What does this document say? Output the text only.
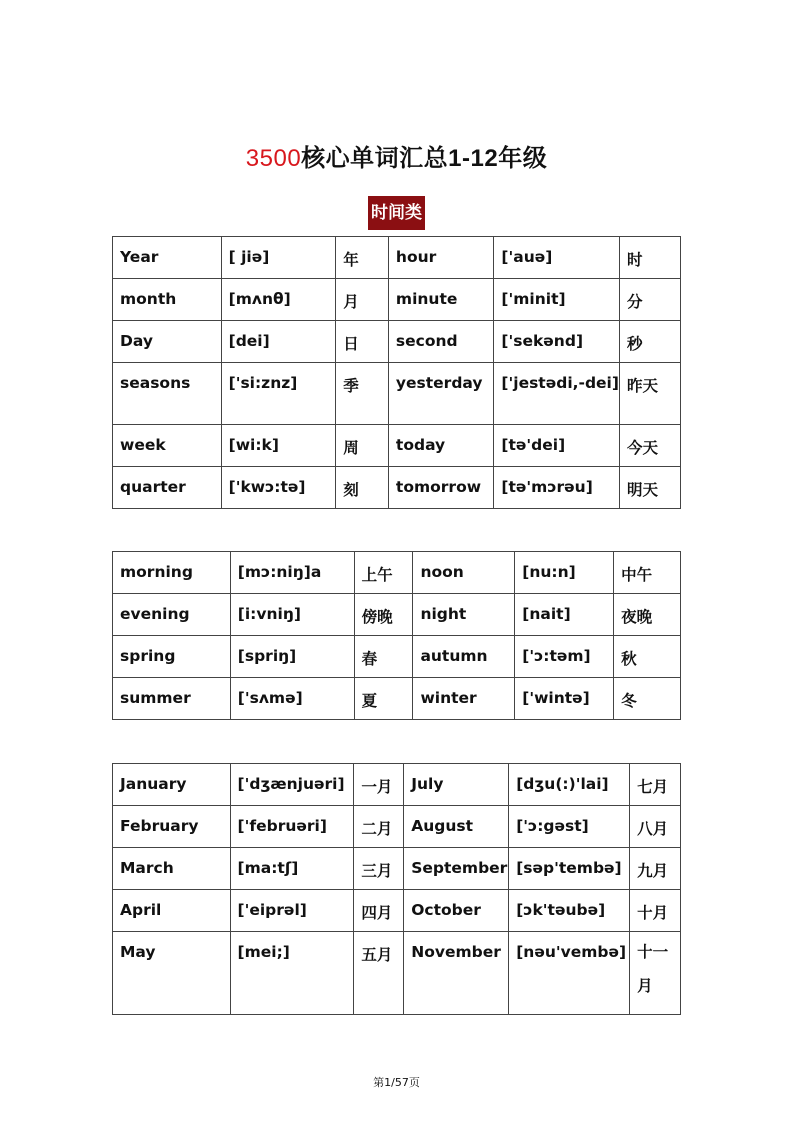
3500核心单词汇总1-12年级
时间类
Year	[ jiə]	年	hour	['auə]	时
month	[mʌnθ]	月	minute	['minit]	分
Day	[dei]	日	second	['sekənd]	秒
seasons	['si:znz]	季	yesterday	['jestədi,-dei]	昨天
week	[wi:k]	周	today	[tə'dei]	今天
quarter	['kwɔ:tə]	刻	tomorrow	[tə'mɔrəu]	明天
morning	[mɔ:niŋ]a	上午	noon	[nu:n]	中午
evening	[i:vniŋ]	傍晚	night	[nait]	夜晚
spring	[spriŋ]	春	autumn	['ɔ:təm]	秋
summer	['sʌmə]	夏	winter	['wintə]	冬
January	['dʒænjuəri]	一月	July	[dʒu(:)'lai]	七月
February	['februəri]	二月	August	['ɔ:gəst]	八月
March	[ma:tʃ]	三月	September	[səp'tembə]	九月
April	['eiprəl]	四月	October	[ɔk'təubə]	十月
May	[mei;]	五月	November	[nəu'vembə]	十一月
第1/57页
